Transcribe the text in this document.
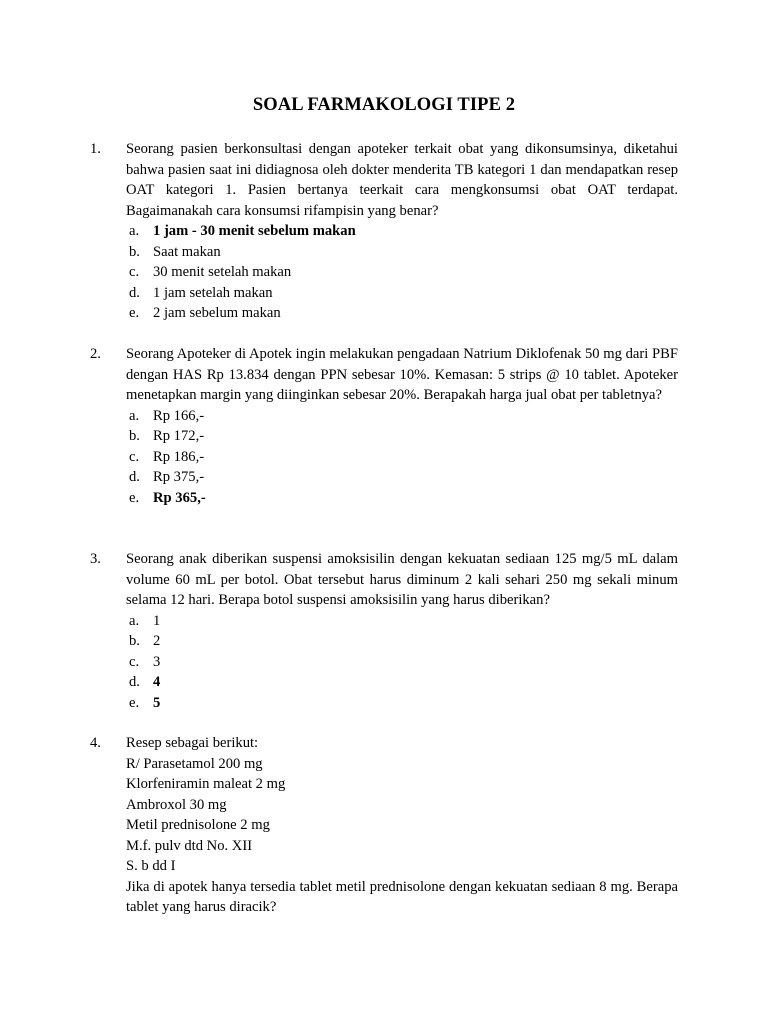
SOAL FARMAKOLOGI TIPE 2
1.	Seorang pasien berkonsultasi dengan apoteker terkait obat yang dikonsumsinya, diketahui bahwa pasien saat ini didiagnosa oleh dokter menderita TB kategori 1 dan mendapatkan resep OAT kategori 1. Pasien bertanya teerkait cara mengkonsumsi obat OAT terdapat. Bagaimanakah cara konsumsi rifampisin yang benar?
a. 1 jam - 30 menit sebelum makan
b. Saat makan
c. 30 menit setelah makan
d. 1 jam setelah makan
e. 2 jam sebelum makan
2.	Seorang Apoteker di Apotek ingin melakukan pengadaan Natrium Diklofenak 50 mg dari PBF dengan HAS Rp 13.834 dengan PPN sebesar 10%. Kemasan: 5 strips @ 10 tablet. Apoteker menetapkan margin yang diinginkan sebesar 20%. Berapakah harga jual obat per tabletnya?
a. Rp 166,-
b. Rp 172,-
c. Rp 186,-
d. Rp 375,-
e. Rp 365,-
3.	Seorang anak diberikan suspensi amoksisilin dengan kekuatan sediaan 125 mg/5 mL dalam volume 60 mL per botol. Obat tersebut harus diminum 2 kali sehari 250 mg sekali minum selama 12 hari. Berapa botol suspensi amoksisilin yang harus diberikan?
a. 1
b. 2
c. 3
d. 4
e. 5
4.	Resep sebagai berikut:
R/ Parasetamol 200 mg
Klorfeniramin maleat 2 mg
Ambroxol 30 mg
Metil prednisolone 2 mg
M.f. pulv dtd No. XII
S. b dd I
Jika di apotek hanya tersedia tablet metil prednisolone dengan kekuatan sediaan 8 mg. Berapa tablet yang harus diracik?
